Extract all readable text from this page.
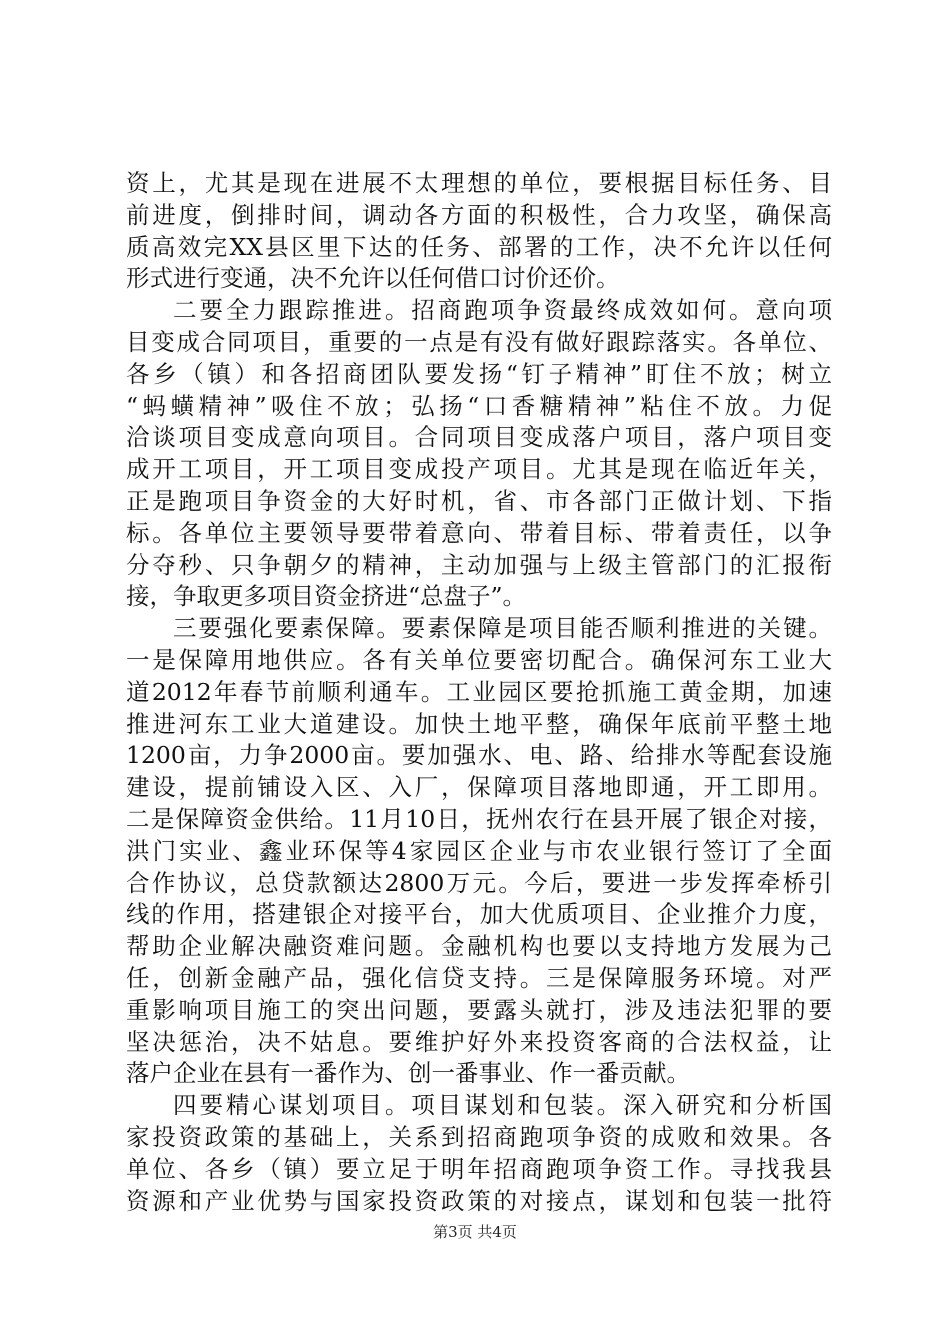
资上，尤其是现在进展不太理想的单位，要根据目标任务、目
前进度，倒排时间，调动各方面的积极性，合力攻坚，确保高
质高效完XX县区里下达的任务、部署的工作，决不允许以任何
形式进行变通，决不允许以任何借口讨价还价。
二要全力跟踪推进。招商跑项争资最终成效如何。意向项
目变成合同项目，重要的一点是有没有做好跟踪落实。各单位、
各乡（镇）和各招商团队要发扬“钉子精神”盯住不放；树立
“蚂蟥精神”吸住不放；弘扬“口香糖精神”粘住不放。力促
洽谈项目变成意向项目。合同项目变成落户项目，落户项目变
成开工项目，开工项目变成投产项目。尤其是现在临近年关，
正是跑项目争资金的大好时机，省、市各部门正做计划、下指
标。各单位主要领导要带着意向、带着目标、带着责任，以争
分夺秒、只争朝夕的精神，主动加强与上级主管部门的汇报衔
接，争取更多项目资金挤进“总盘子”。
三要强化要素保障。要素保障是项目能否顺利推进的关键。
一是保障用地供应。各有关单位要密切配合。确保河东工业大
道2012年春节前顺利通车。工业园区要抢抓施工黄金期，加速
推进河东工业大道建设。加快土地平整，确保年底前平整土地
1200亩，力争2000亩。要加强水、电、路、给排水等配套设施
建设，提前铺设入区、入厂，保障项目落地即通，开工即用。
二是保障资金供给。11月10日，抚州农行在县开展了银企对接，
洪门实业、鑫业环保等4家园区企业与市农业银行签订了全面
合作协议，总贷款额达2800万元。今后，要进一步发挥牵桥引
线的作用，搭建银企对接平台，加大优质项目、企业推介力度，
帮助企业解决融资难问题。金融机构也要以支持地方发展为己
任，创新金融产品，强化信贷支持。三是保障服务环境。对严
重影响项目施工的突出问题，要露头就打，涉及违法犯罪的要
坚决惩治，决不姑息。要维护好外来投资客商的合法权益，让
落户企业在县有一番作为、创一番事业、作一番贡献。
四要精心谋划项目。项目谋划和包装。深入研究和分析国
家投资政策的基础上，关系到招商跑项争资的成败和效果。各
单位、各乡（镇）要立足于明年招商跑项争资工作。寻找我县
资源和产业优势与国家投资政策的对接点，谋划和包装一批符
第3页 共4页
